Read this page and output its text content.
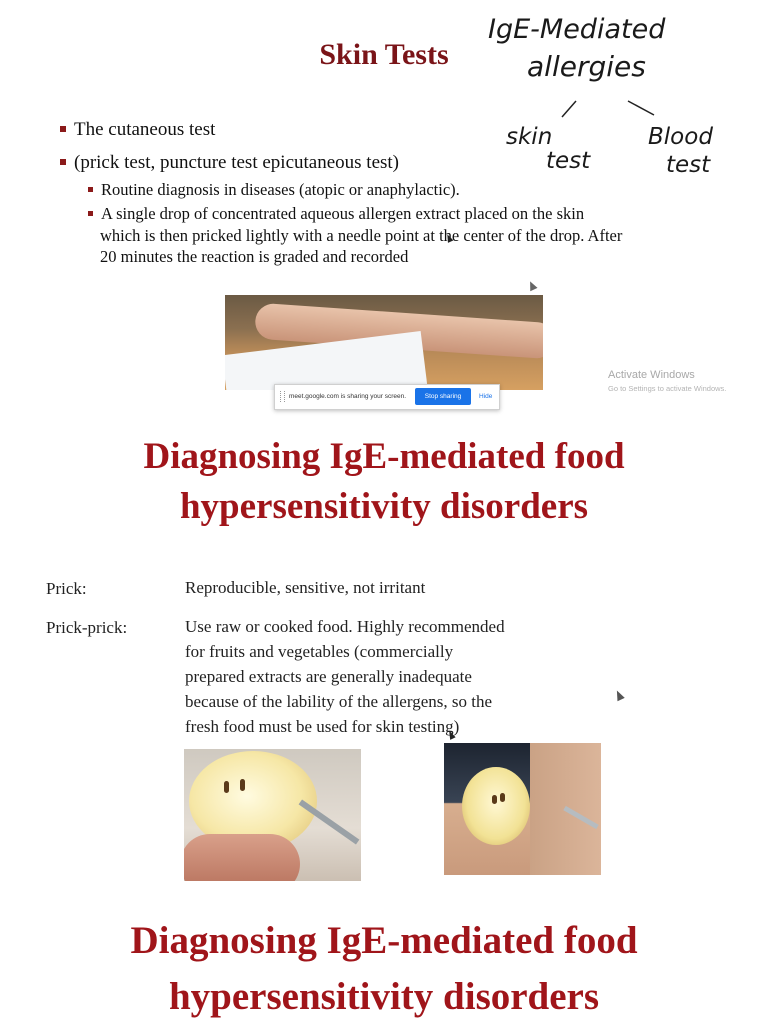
Skin Tests
The cutaneous test
(prick test, puncture test epicutaneous test)
Routine diagnosis in diseases (atopic or anaphylactic).
A single drop of concentrated aqueous allergen extract placed on the skin
which is then pricked lightly with a needle point at the center of the drop. After
20 minutes the reaction is graded and recorded
IgE-Mediated
allergies
skin
test
Blood
test
meet.google.com is sharing your screen.	Stop sharing	Hide
Activate Windows
Go to Settings to activate Windows.
Diagnosing IgE-mediated food
hypersensitivity disorders
Prick:	Reproducible, sensitive, not irritant
Prick-prick:	Use raw or cooked food. Highly recommended
for fruits and vegetables (commercially
prepared extracts are generally inadequate
because of the lability of the allergens, so the
fresh food must be used for skin testing)
Diagnosing IgE-mediated food
hypersensitivity disorders
